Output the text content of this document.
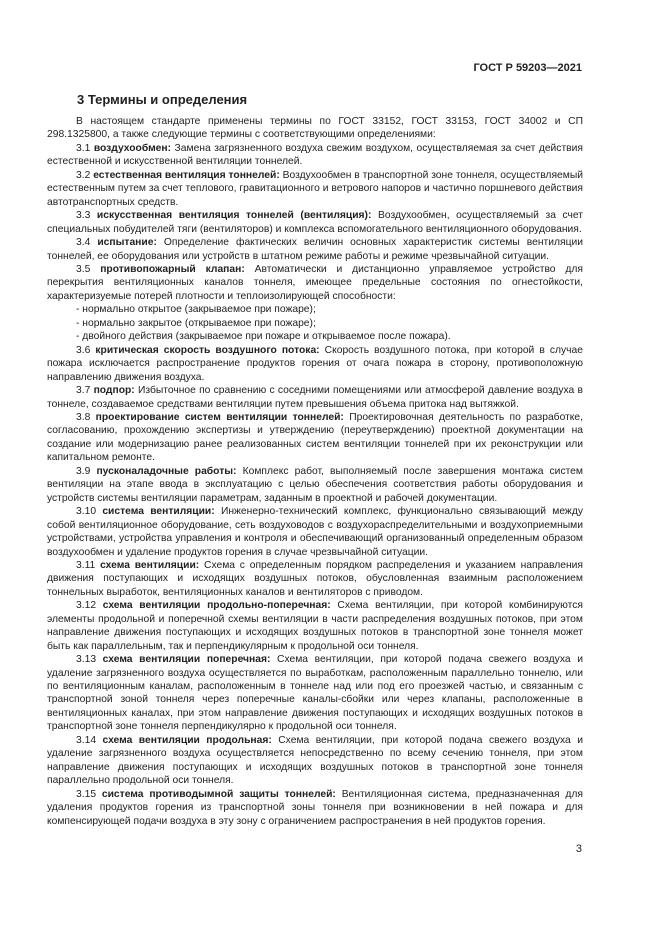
ГОСТ Р 59203—2021
3 Термины и определения

В настоящем стандарте применены термины по ГОСТ 33152, ГОСТ 33153, ГОСТ 34002 и СП 298.1325800, а также следующие термины с соответствующими определениями:

3.1 воздухообмен: Замена загрязненного воздуха свежим воздухом, осуществляемая за счет действия естественной и искусственной вентиляции тоннелей.

3.2 естественная вентиляция тоннелей: Воздухообмен в транспортной зоне тоннеля, осуществляемый естественным путем за счет теплового, гравитационного и ветрового напоров и частично поршневого действия автотранспортных средств.

3.3 искусственная вентиляция тоннелей (вентиляция): Воздухообмен, осуществляемый за счет специальных побудителей тяги (вентиляторов) и комплекса вспомогательного вентиляционного оборудования.

3.4 испытание: Определение фактических величин основных характеристик системы вентиляции тоннелей, ее оборудования или устройств в штатном режиме работы и режиме чрезвычайной ситуации.

3.5 противопожарный клапан: Автоматически и дистанционно управляемое устройство для перекрытия вентиляционных каналов тоннеля, имеющее предельные состояния по огнестойкости, характеризуемые потерей плотности и теплоизолирующей способности:

- нормально открытое (закрываемое при пожаре);
- нормально закрытое (открываемое при пожаре);
- двойного действия (закрываемое при пожаре и открываемое после пожара).

3.6 критическая скорость воздушного потока: Скорость воздушного потока, при которой в случае пожара исключается распространение продуктов горения от очага пожара в сторону, противоположную направлению движения воздуха.

3.7 подпор: Избыточное по сравнению с соседними помещениями или атмосферой давление воздуха в тоннеле, создаваемое средствами вентиляции путем превышения объема притока над вытяжкой.

3.8 проектирование систем вентиляции тоннелей: Проектировочная деятельность по разработке, согласованию, прохождению экспертизы и утверждению (переутверждению) проектной документации на создание или модернизацию ранее реализованных систем вентиляции тоннелей при их реконструкции или капитальном ремонте.

3.9 пусконаладочные работы: Комплекс работ, выполняемый после завершения монтажа систем вентиляции на этапе ввода в эксплуатацию с целью обеспечения соответствия работы оборудования и устройств системы вентиляции параметрам, заданным в проектной и рабочей документации.

3.10 система вентиляции: Инженерно-технический комплекс, функционально связывающий между собой вентиляционное оборудование, сеть воздуховодов с воздухораспределительными и воздухоприемными устройствами, устройства управления и контроля и обеспечивающий организованный определенным образом воздухообмен и удаление продуктов горения в случае чрезвычайной ситуации.

3.11 схема вентиляции: Схема с определенным порядком распределения и указанием направления движения поступающих и исходящих воздушных потоков, обусловленная взаимным расположением тоннельных выработок, вентиляционных каналов и вентиляторов с приводом.

3.12 схема вентиляции продольно-поперечная: Схема вентиляции, при которой комбинируются элементы продольной и поперечной схемы вентиляции в части распределения воздушных потоков, при этом направление движения поступающих и исходящих воздушных потоков в транспортной зоне тоннеля может быть как параллельным, так и перпендикулярным к продольной оси тоннеля.

3.13 схема вентиляции поперечная: Схема вентиляции, при которой подача свежего воздуха и удаление загрязненного воздуха осуществляется по выработкам, расположенным параллельно тоннелю, или по вентиляционным каналам, расположенным в тоннеле над или под его проезжей частью, и связанным с транспортной зоной тоннеля через поперечные каналы-сбойки или через клапаны, расположенные в вентиляционных каналах, при этом направление движения поступающих и исходящих воздушных потоков в транспортной зоне тоннеля перпендикулярно к продольной оси тоннеля.

3.14 схема вентиляции продольная: Схема вентиляции, при которой подача свежего воздуха и удаление загрязненного воздуха осуществляется непосредственно по всему сечению тоннеля, при этом направление движения поступающих и исходящих воздушных потоков в транспортной зоне тоннеля параллельно продольной оси тоннеля.

3.15 система противодымной защиты тоннелей: Вентиляционная система, предназначенная для удаления продуктов горения из транспортной зоны тоннеля при возникновении в ней пожара и для компенсирующей подачи воздуха в эту зону с ограничением распространения в ней продуктов горения.

3
